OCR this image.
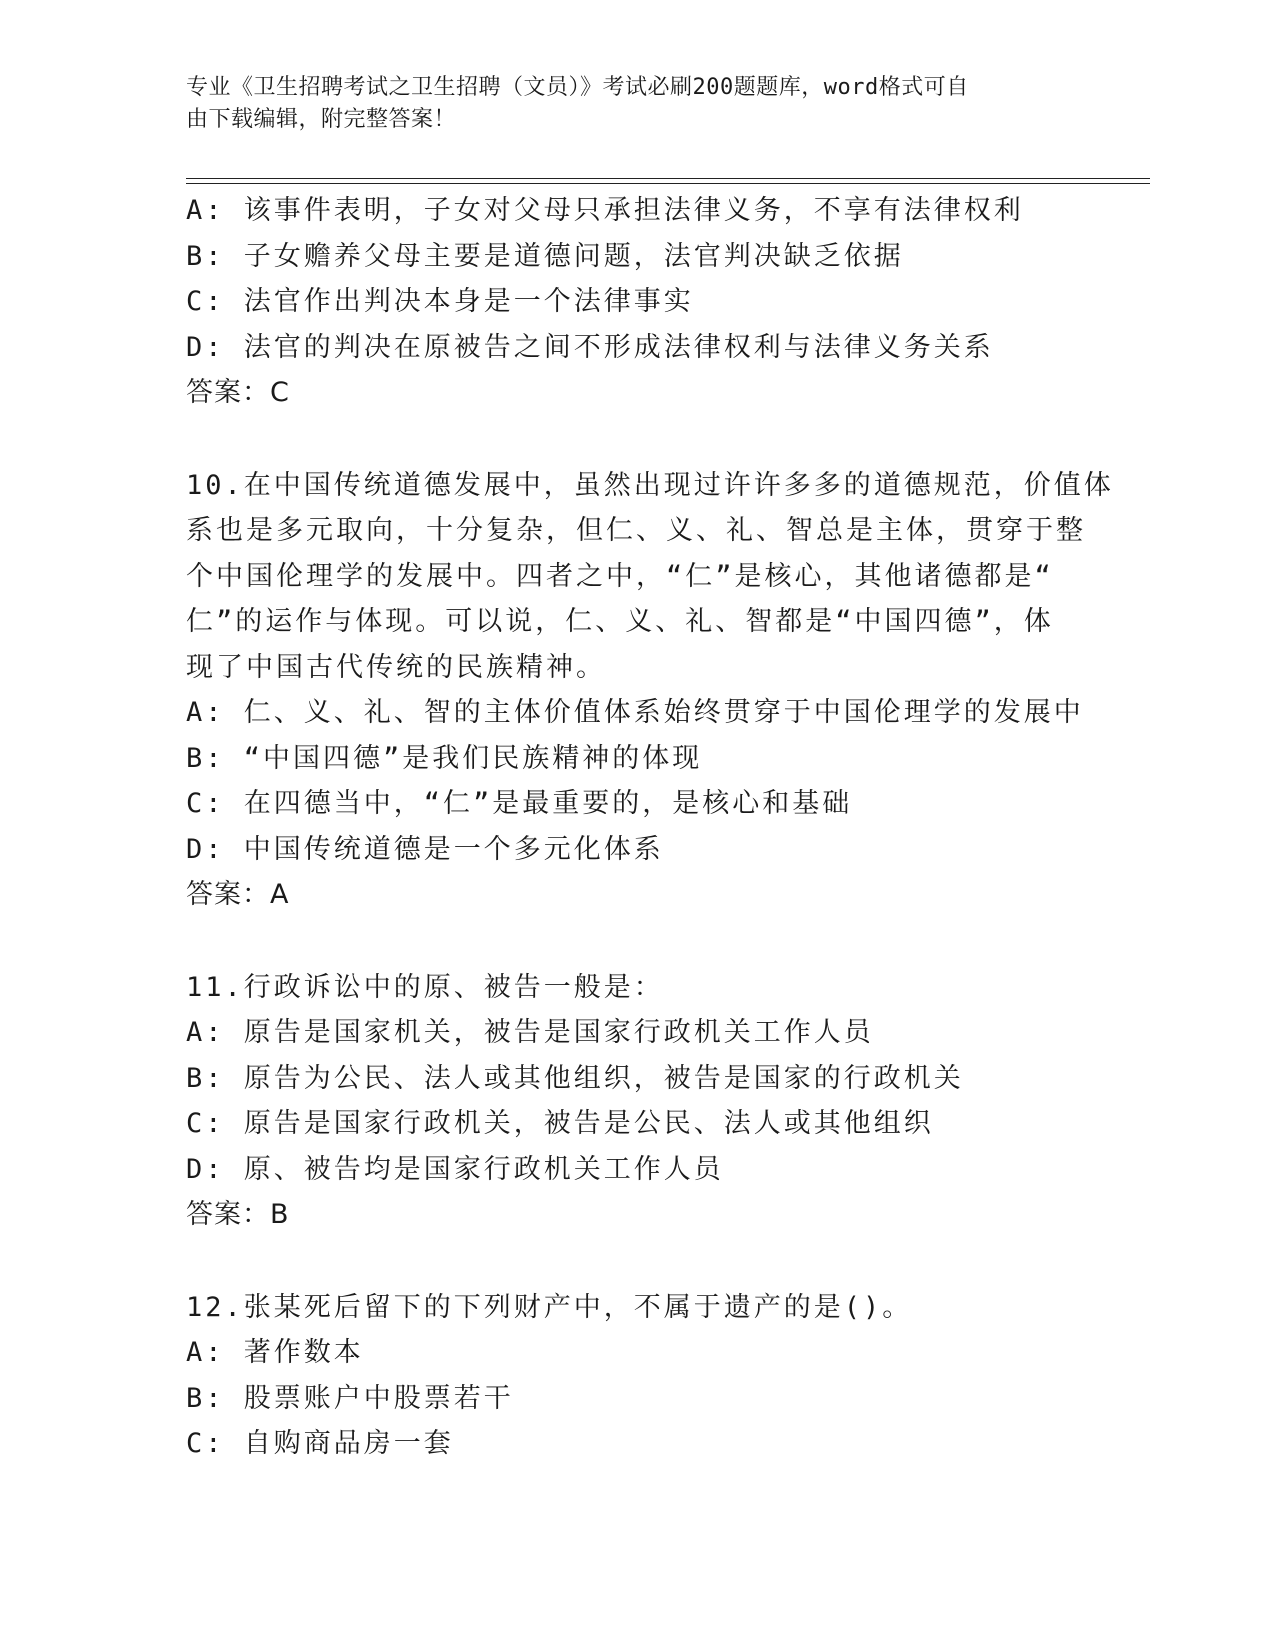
专业《卫生招聘考试之卫生招聘（文员）》考试必刷200题题库，word格式可自
由下载编辑，附完整答案！
A: 该事件表明，子女对父母只承担法律义务，不享有法律权利
B: 子女赡养父母主要是道德问题，法官判决缺乏依据
C: 法官作出判决本身是一个法律事实
D: 法官的判决在原被告之间不形成法律权利与法律义务关系
答案：C
10.在中国传统道德发展中，虽然出现过许许多多的道德规范，价值体
系也是多元取向，十分复杂，但仁、义、礼、智总是主体，贯穿于整
个中国伦理学的发展中。四者之中，“仁”是核心，其他诸德都是“
仁”的运作与体现。可以说，仁、义、礼、智都是“中国四德”，体
现了中国古代传统的民族精神。
A: 仁、义、礼、智的主体价值体系始终贯穿于中国伦理学的发展中
B: “中国四德”是我们民族精神的体现
C: 在四德当中，“仁”是最重要的，是核心和基础
D: 中国传统道德是一个多元化体系
答案：A
11.行政诉讼中的原、被告一般是：
A: 原告是国家机关，被告是国家行政机关工作人员
B: 原告为公民、法人或其他组织，被告是国家的行政机关
C: 原告是国家行政机关，被告是公民、法人或其他组织
D: 原、被告均是国家行政机关工作人员
答案：B
12.张某死后留下的下列财产中，不属于遗产的是()。
A: 著作数本
B: 股票账户中股票若干
C: 自购商品房一套
